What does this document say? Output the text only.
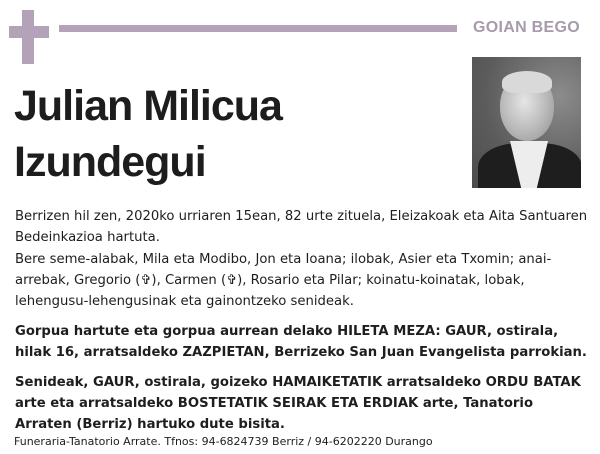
GOIAN BEGO
Julian Milicua
Izundegui
Berrizen hil zen, 2020ko urriaren 15ean, 82 urte zituela, Eleizakoak eta Aita Santuaren Bedeinkazioa hartuta.
Bere seme-alabak, Mila eta Modibo, Jon eta Ioana; ilobak, Asier eta Txomin; anai-arrebak, Gregorio (✞), Carmen (✞), Rosario eta Pilar; koinatu-koinatak, lobak, lehengusu-lehengusinak eta gainontzeko senideak.
Gorpua hartute eta gorpua aurrean delako HILETA MEZA: GAUR, ostirala, hilak 16, arratsaldeko ZAZPIETAN, Berrizeko San Juan Evangelista parrokian.
Senideak, GAUR, ostirala, goizeko HAMAIKETATIK arratsaldeko ORDU BATAK arte eta arratsaldeko BOSTETATIK SEIRAK ETA ERDIAK arte, Tanatorio Arraten (Berriz) hartuko dute bisita.
Funeraria-Tanatorio Arrate. Tfnos: 94-6824739 Berriz / 94-6202220 Durango
